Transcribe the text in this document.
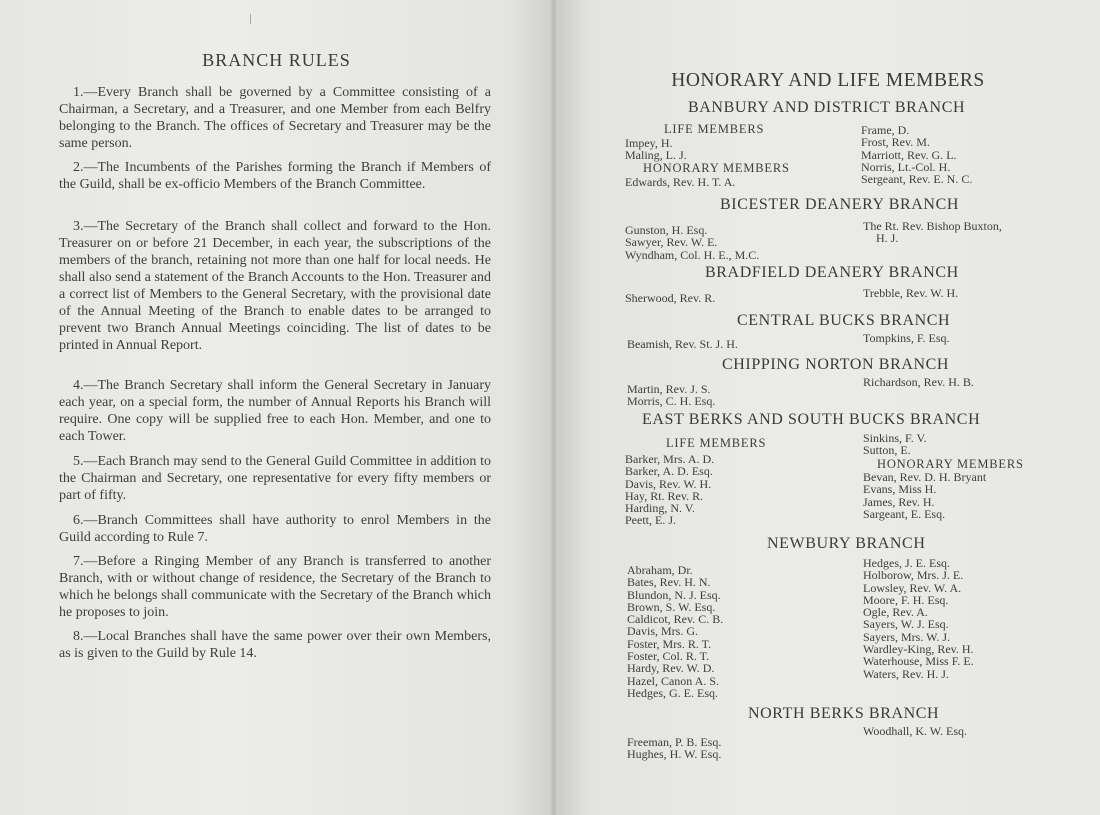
BRANCH RULES

 1.—Every Branch shall be governed by a Committee consisting of a Chairman, a Secretary, and a Treasurer, and one Member from each Belfry belonging to the Branch. The offices of Secretary and Treasurer may be the same person.

 2.—The Incumbents of the Parishes forming the Branch if Members of the Guild, shall be ex-officio Members of the Branch Committee.

 3.—The Secretary of the Branch shall collect and forward to the Hon. Treasurer on or before 21 December, in each year, the subscriptions of the members of the branch, retaining not more than one half for local needs. He shall also send a statement of the Branch Accounts to the Hon. Treasurer and a correct list of Members to the General Secretary, with the provisional date of the Annual Meeting of the Branch to enable dates to be arranged to prevent two Branch Annual Meetings coinciding. The list of dates to be printed in Annual Report.

 4.—The Branch Secretary shall inform the General Secretary in January each year, on a special form, the number of Annual Reports his Branch will require. One copy will be supplied free to each Hon. Member, and one to each Tower.

 5.—Each Branch may send to the General Guild Committee in addition to the Chairman and Secretary, one representative for every fifty members or part of fifty.

 6.—Branch Committees shall have authority to enrol Members in the Guild according to Rule 7.

 7.—Before a Ringing Member of any Branch is transferred to another Branch, with or without change of residence, the Secretary of the Branch to which he belongs shall communicate with the Secretary of the Branch which he proposes to join.

 8.—Local Branches shall have the same power over their own Members, as is given to the Guild by Rule 14.

HONORARY AND LIFE MEMBERS
BANBURY AND DISTRICT BRANCH
LIFE MEMBERS
Impey, H.
Maling, L. J.
HONORARY MEMBERS
Edwards, Rev. H. T. A.
Frame, D.
Frost, Rev. M.
Marriott, Rev. G. L.
Norris, Lt.-Col. H.
Sergeant, Rev. E. N. C.
BICESTER DEANERY BRANCH
Gunston, H. Esq.
Sawyer, Rev. W. E.
Wyndham, Col. H. E., M.C.
The Rt. Rev. Bishop Buxton,
H. J.
BRADFIELD DEANERY BRANCH
Sherwood, Rev. R.	Trebble, Rev. W. H.
CENTRAL BUCKS BRANCH
Beamish, Rev. St. J. H.	Tompkins, F. Esq.
CHIPPING NORTON BRANCH
Martin, Rev. J. S.
Morris, C. H. Esq.
Richardson, Rev. H. B.
EAST BERKS AND SOUTH BUCKS BRANCH
LIFE MEMBERS
Barker, Mrs. A. D.
Barker, A. D. Esq.
Davis, Rev. W. H.
Hay, Rt. Rev. R.
Harding, N. V.
Peett, E. J.
Sinkins, F. V.
Sutton, E.
HONORARY MEMBERS
Bevan, Rev. D. H. Bryant
Evans, Miss H.
James, Rev. H.
Sargeant, E. Esq.
NEWBURY BRANCH
Abraham, Dr.
Bates, Rev. H. N.
Blundon, N. J. Esq.
Brown, S. W. Esq.
Caldicot, Rev. C. B.
Davis, Mrs. G.
Foster, Mrs. R. T.
Foster, Col. R. T.
Hardy, Rev. W. D.
Hazel, Canon A. S.
Hedges, G. E. Esq.
Hedges, J. E. Esq.
Holborow, Mrs. J. E.
Lowsley, Rev. W. A.
Moore, F. H. Esq.
Ogle, Rev. A.
Sayers, W. J. Esq.
Sayers, Mrs. W. J.
Wardley-King, Rev. H.
Waterhouse, Miss F. E.
Waters, Rev. H. J.
NORTH BERKS BRANCH
Freeman, P. B. Esq.
Hughes, H. W. Esq.
Woodhall, K. W. Esq.
